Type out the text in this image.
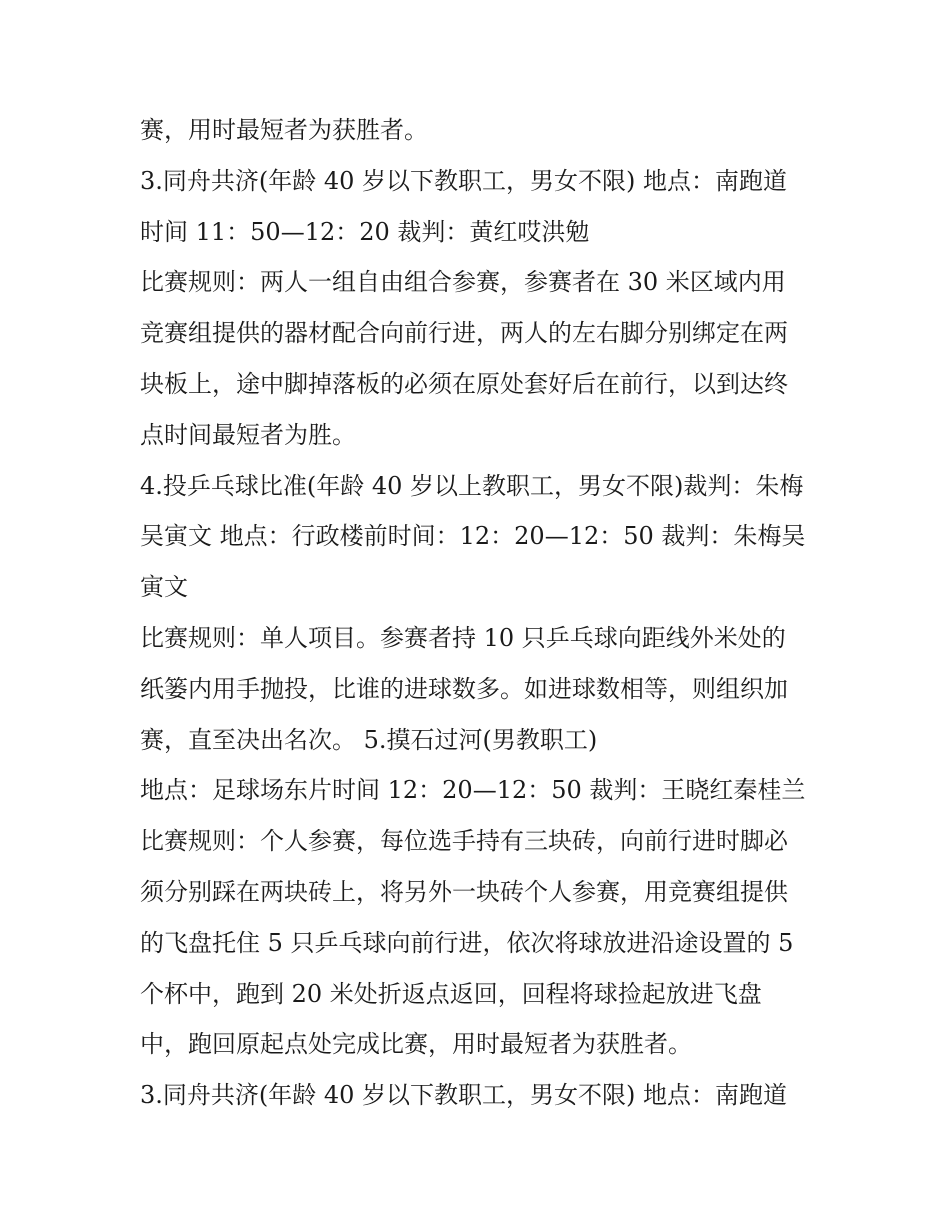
赛，用时最短者为获胜者。
3.同舟共济(年龄 40 岁以下教职工，男女不限) 地点：南跑道
时间 11：50—12：20 裁判：黄红哎洪勉
比赛规则：两人一组自由组合参赛，参赛者在 30 米区域内用
竞赛组提供的器材配合向前行进，两人的左右脚分别绑定在两
块板上，途中脚掉落板的必须在原处套好后在前行，以到达终
点时间最短者为胜。
4.投乒乓球比准(年龄 40 岁以上教职工，男女不限)裁判：朱梅
吴寅文 地点：行政楼前时间：12：20—12：50 裁判：朱梅吴
寅文
比赛规则：单人项目。参赛者持 10 只乒乓球向距线外米处的
纸篓内用手抛投，比谁的进球数多。如进球数相等，则组织加
赛，直至决出名次。 5.摸石过河(男教职工)
地点：足球场东片时间 12：20—12：50 裁判：王晓红秦桂兰
比赛规则：个人参赛，每位选手持有三块砖，向前行进时脚必
须分别踩在两块砖上，将另外一块砖个人参赛，用竞赛组提供
的飞盘托住 5 只乒乓球向前行进，依次将球放进沿途设置的 5
个杯中，跑到 20 米处折返点返回，回程将球捡起放进飞盘
中，跑回原起点处完成比赛，用时最短者为获胜者。
3.同舟共济(年龄 40 岁以下教职工，男女不限) 地点：南跑道
